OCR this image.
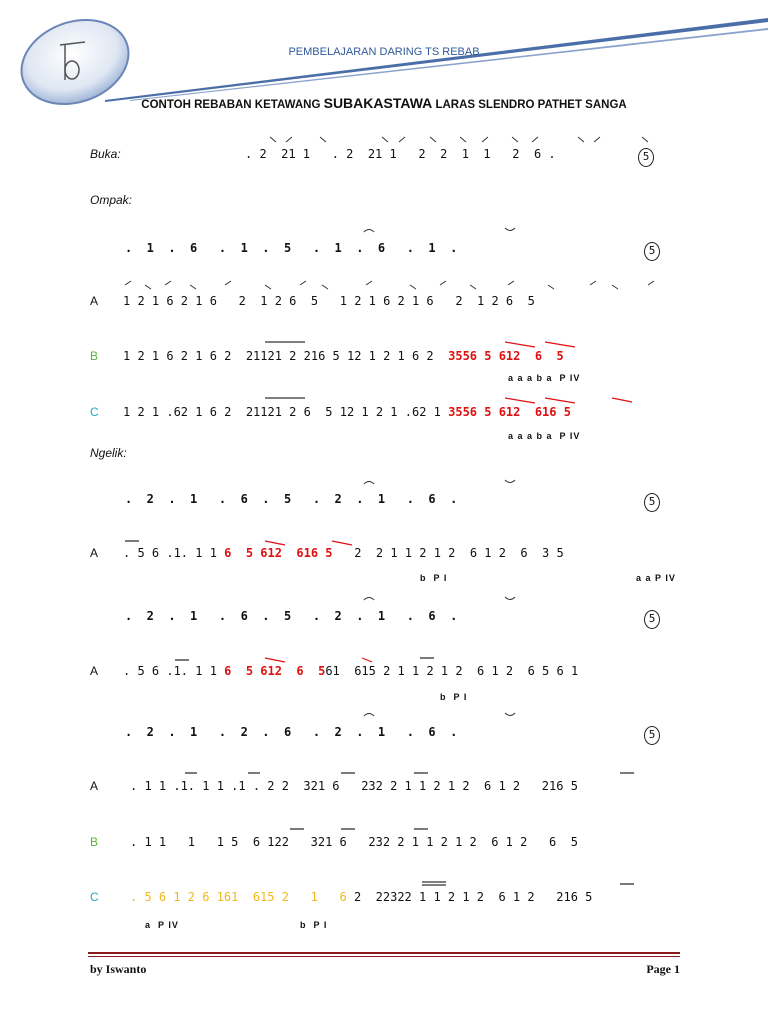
PEMBELAJARAN DARING TS REBAB
CONTOH REBABAN KETAWANG SUBAKASTAWA LARAS SLENDRO PATHET SANGA
Buka:	. 2  21 1   . 2  21 1   2  2  1  1   2  6 .	5
Ompak:
.  1  .  6   .  1  .  5   .  1  .  6   .  1  .	5
A 1 2 1 6 2 1 6   2  1 2 6  5   1 2 1 6 2 1 6   2  1 2 6  5
B 1 2 1 6 2 1 6 2  21121 2 216 5 12 1 2 1 6 2 3556 5 612  6  5
a a a b a  P IV
C 1 2 1 .62 1 6 2  21121 2 6  5 12 1 2 1 .62 1 3556 5 612  616 5
a a a b a  P IV
Ngelik:
.  2  .  1   .  6  .  5   .  2  .  1   .  6  .	5
A . 5 6 .1. 1 1 6  5 612  616 5 2  2 1 1 2 1 2  6 1 2  6  3 5
b  P I	a a P IV
.  2  .  1   .  6  .  5   .  2  .  1   .  6  .	5
A . 5 6 .1. 1 1 6  5 612  6  561  615 2 1 1 2 1 2  6 1 2  6 5 6 1
b  P I
.  2  .  1   .  2  .  6   .  2  .  1   .  6  .	5
A	. 1 1 .1. 1 1 .1 . 2 2  321 6   232 2 1 1 2 1 2  6 1 2   216 5
B	. 1 1   1   1 5  6 122   321 6   232 2 1 1 2 1 2  6 1 2   6  5
C	. 5 6 1 2 6 161  615 2   1   6 2  22322 1 1 2 1 2  6 1 2   216 5
a  P IV	b  P I
by Iswanto	Page 1
